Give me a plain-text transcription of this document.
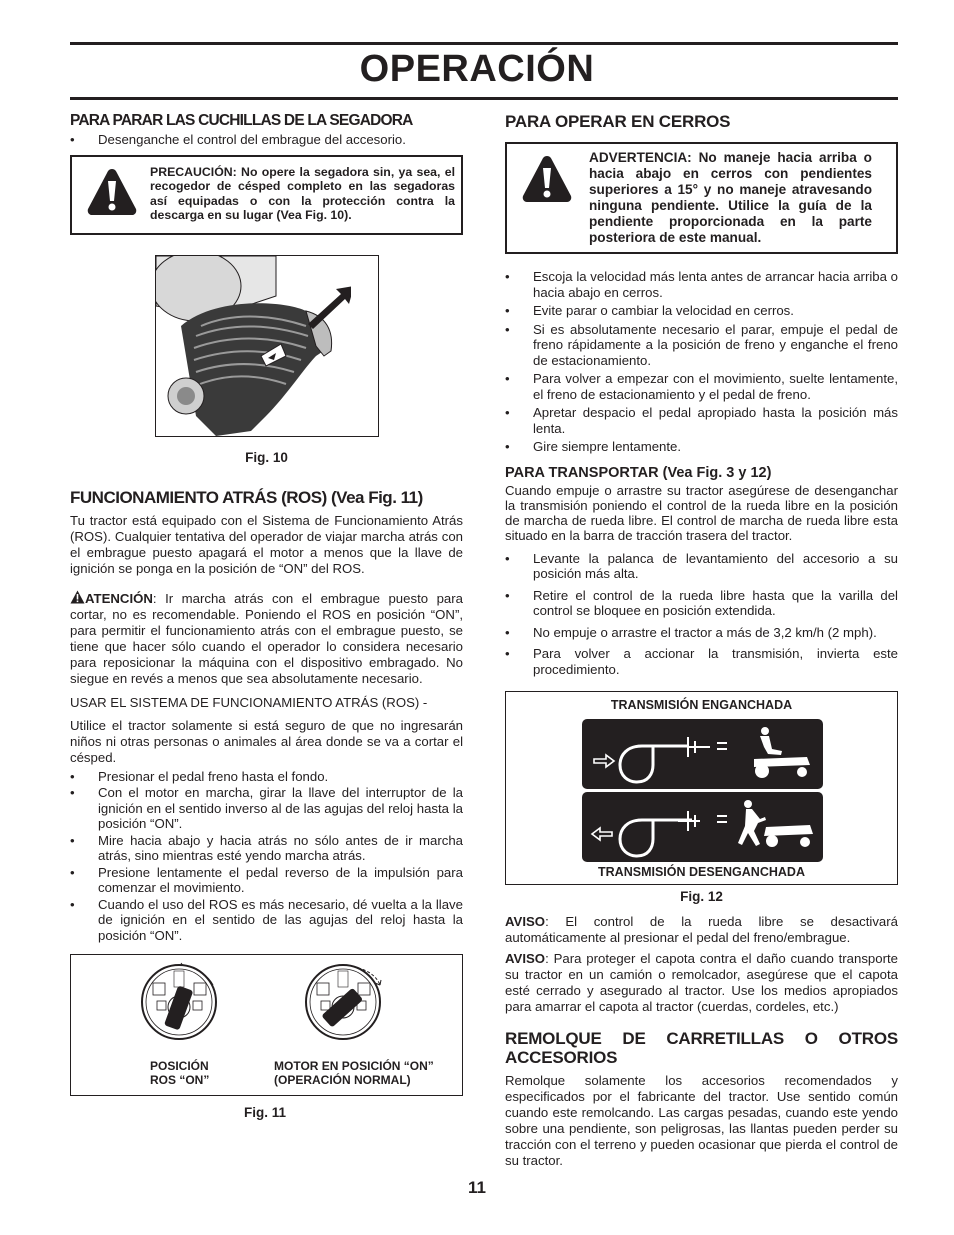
OPERACIÓN
PARA PARAR LAS CUCHILLAS DE LA SEGADORA
• Desenganche el control del embrague del accesorio.
PRECAUCIÓN: No opere la segadora sin, ya sea, el recogedor de césped completo en las segadoras así equipadas o con la protección contra la descarga en su lugar (Vea Fig. 10).
Fig. 10
FUNCIONAMIENTO ATRÁS (ROS) (Vea Fig. 11)

Tu tractor está equipado con el Sistema de Funcionamiento Atrás (ROS). Cualquier tentativa del operador de viajar marcha atrás con el embrague puesto apagará el motor a menos que la llave de ignición se ponga en la posición de “ON” del ROS.

ATENCIÓN: Ir marcha atrás con el embrague puesto para cortar, no es recomendable. Poniendo el ROS en posición “ON”, para permitir el funcionamiento atrás con el embrague puesto, se tiene que hacer sólo cuando el operador lo considera necesario para reposicionar la máquina con el dispositivo embragado. No siegue en revés a menos que sea absolutamente necesario.

USAR EL SISTEMA DE FUNCIONAMIENTO ATRÁS (ROS) -

Utilice el tractor solamente si está seguro de que no ingresarán niños ni otras personas o animales al área donde se va a cortar el césped.

• Presionar el pedal freno hasta el fondo.
• Con el motor en marcha, girar la llave del interruptor de la ignición en el sentido inverso al de las agujas del reloj hasta la posición “ON”.
• Mire hacia abajo y hacia atrás no sólo antes de ir marcha atrás, sino mientras esté yendo marcha atrás.
• Presione lentamente el pedal reverso de la impulsión para comenzar el movimiento.
• Cuando el uso del ROS es más necesario, dé vuelta a la llave de ignición en el sentido de las agujas del reloj hasta la posición “ON”.
POSICIÓN
ROS “ON”
MOTOR EN POSICIÓN “ON”
(OPERACIÓN NORMAL)
Fig. 11
PARA OPERAR EN CERROS
ADVERTENCIA: No maneje hacia arriba o hacia abajo en cerros con pendientes superiores a 15° y no maneje atravesando ninguna pendiente. Utilice la guía de la pendiente proporcionada en la parte posteriora de este manual.
• Escoja la velocidad más lenta antes de arrancar hacia arriba o hacia abajo en cerros.
• Evite parar o cambiar la velocidad en cerros.
• Si es absolutamente necesario el parar, empuje el pedal de freno rápidamente a la posición de freno y enganche el freno de estacionamiento.
• Para volver a empezar con el movimiento, suelte lentamente, el freno de estacionamiento y el pedal de freno.
• Apretar despacio el pedal apropiado hasta la posición más lenta.
• Gire siempre lentamente.
PARA TRANSPORTAR (Vea Fig. 3 y 12)

Cuando empuje o arrastre su tractor asegúrese de desenganchar la transmisión poniendo el control de la rueda libre en la posición de marcha de rueda libre. El control de marcha de rueda libre esta situado en la barra de tracción trasera del tractor.

• Levante la palanca de levantamiento del accesorio a su posición más alta.
• Retire el control de la rueda libre hasta que la varilla del control se bloquee en posición extendida.
• No empuje o arrastre el tractor a más de 3,2 km/h (2 mph).
• Para volver a accionar la transmisión, invierta este procedimiento.
TRANSMISIÓN ENGANCHADA
TRANSMISIÓN DESENGANCHADA
Fig. 12

AVISO: El control de la rueda libre se desactivará automáticamente al presionar el pedal del freno/embrague.

AVISO: Para proteger el capota contra el daño cuando transporte su tractor en un camión o remolcador, asegúrese que el capota esté cerrado y asegurado al tractor. Use los medios apropiados para amarrar el capota al tractor (cuerdas, cordeles, etc.)

REMOLQUE DE CARRETILLAS O OTROS ACCESORIOS

Remolque solamente los accesorios recomendados y especificados por el fabricante del tractor. Use sentido común cuando este remolcando. Las cargas pesadas, cuando este yendo sobre una pendiente, son peligrosas, las llantas pueden perder su tracción con el terreno y pueden ocasionar que pierda el control de su tractor.

11
